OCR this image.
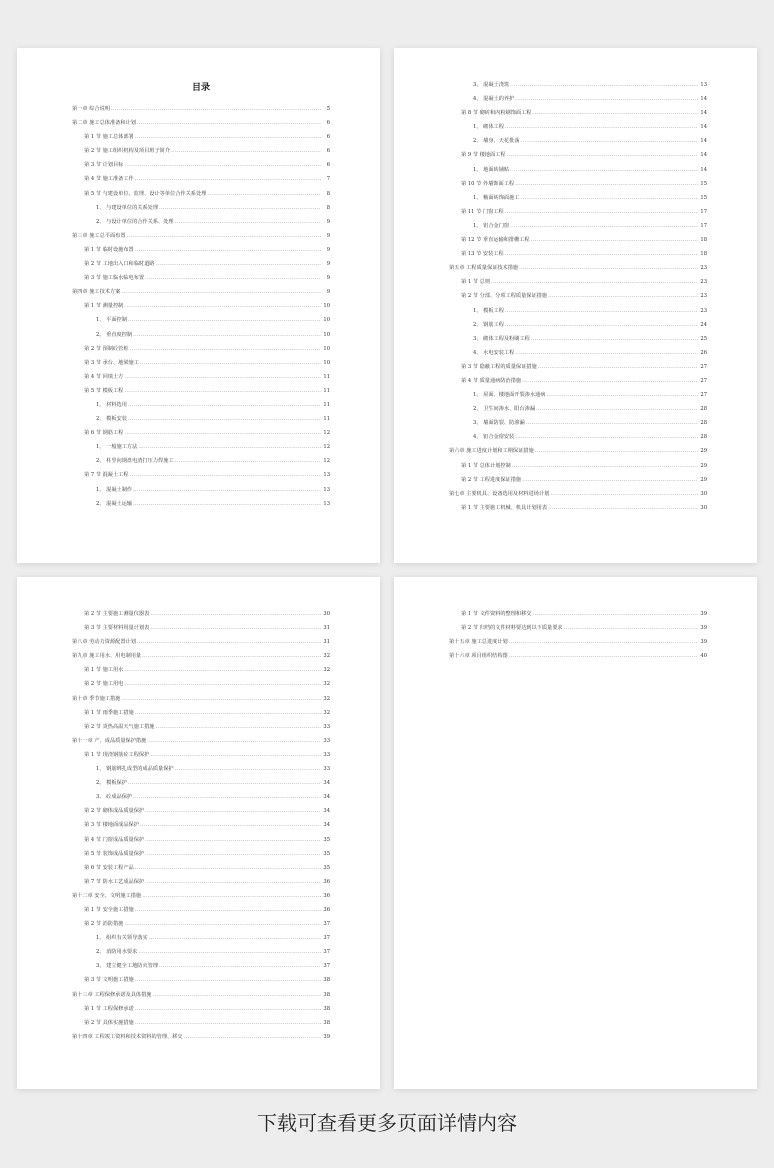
目录
第一章 综合说明 .....	5
第二章 施工总体准备和计划 .....	6
第 1 节 施工总体部署 .....	6
第 2 节 施工组织机构及项目班子简介 .....	6
第 3 节 计划目标 .....	6
第 4 节 施工准备工作 .....	7
第 5 节 与建设单位、监理、设计等单位合作关系处理 .....	8
1、 与建设单位的关系处理 .....	8
2、 与设计单位的合作关系、处理 .....	9
第三章 施工总平面布置 .....	9
第 1 节 临时设施布置 .....	9
第 2 节 工地出入口和临时道路 .....	9
第 3 节 施工临水临电布置 .....	9
第四章 施工技术方案 .....	9
第 1 节 测量控制 .....	10
1、 平面控制 .....	10
2、 垂直度控制 .....	10
第 2 节 预制砼管桩 .....	10
第 3 节 承台、地梁施工 .....	10
第 4 节 回填土方 .....	11
第 5 节 模板工程 .....	11
1、 材料选用 .....	11
2、 模板安装 .....	11
第 6 节 钢筋工程 .....	12
1、 一般施工方法 .....	12
2、 柱竖向钢盘电渣打压力焊施工 .....	12
第 7 节 混凝土工程 .....	13
1、 混凝土制作 .....	13
2、 混凝土运输 .....	13
3、 混凝土浇筑 .....	13
4、 混凝土的养护 .....	14
第 8 节 砌砖和内粉刷饰面工程 .....	14
1、 砌体工程 .....	14
2、 墙身、天花批荡 .....	14
第 9 节 楼地面工程 .....	14
1、 地面砖铺贴 .....	14
第 10 节 外墙饰面工程 .....	15
1、 釉面砖饰面施工 .....	15
第 11 节 门窗工程 .....	17
1、 铝合金门窗 .....	17
第 12 节 垂直运输和排栅工程 .....	18
第 13 节 安装工程 .....	18
第五章 工程质量保证技术措施 .....	23
第 1 节 总则 .....	23
第 2 节 分部、分项工程质量保证措施 .....	23
1、 模板工程 .....	23
2、 钢筋工程 .....	24
3、 砌体工程及粉刷工程 .....	25
4、 水电安装工程 .....	26
第 3 节 隐蔽工程的质量保证措施 .....	27
第 4 节 质量通病防治措施 .....	27
1、 屋面、楼地面开裂渗水通病 .....	27
2、 卫生间渗水、阳台渗漏 .....	28
3、 墙面防裂、防渗漏 .....	28
4、 铝合金窗安装 .....	28
第六章 施工进度计划和工期保证措施 .....	29
第 1 节 总体计划控制 .....	29
第 2 节 工程进度保证措施 .....	29
第七章 主要机具、设备选用及材料进场计划 .....	30
第 1 节 主要施工机械、机具计划用表 .....	30
第 2 节 主要施工测量仪器表 .....	30
第 3 节 主要材料用量计划表 .....	31
第八章 劳动力资源配置计划 .....	31
第九章 施工用水、用电制用量 .....	32
第 1 节 施工用水 .....	32
第 2 节 施工用电 .....	32
第十章 季节施工措施 .....	32
第 1 节 雨季施工措施 .....	32
第 2 节 炎热高温天气施工措施 .....	33
第十一章 产、成品质量保护措施 .....	33
第 1 节 现浇钢筋砼工程保护 .....	33
1、 钢筋绑扎成型的成品质量保护 .....	33
2、 模板保护 .....	34
3、 砼成品保护 .....	34
第 2 节 砌体成品质量保护 .....	34
第 3 节 楼地面成品保护 .....	34
第 4 节 门窗成品质量保护 .....	35
第 5 节 装饰成品质量保护 .....	35
第 6 节 安装工程产品 .....	35
第 7 节 防水工艺成品保护 .....	36
第十二章 安全、文明施工措施 .....	36
第 1 节 安全施工措施 .....	36
第 2 节 消防措施 .....	37
1、 组织有关领导落实 .....	37
2、 消防用水要求 .....	37
3、 建立健全工地防火管理 .....	37
第 3 节 文明施工措施 .....	38
第十三章 工程保修承诺及具体措施 .....	38
第 1 节 工程保修承诺 .....	38
第 2 节 具体实施措施 .....	38
第十四章 工程竣工资料和技术资料的管理、移交 .....	39
第 1 节 文件资料的整理和移交 .....	39
第 2 节 归档的文件材料要达到以下质量要求 .....	39
第十五章 施工总进度计划 .....	39
第十六章 项目组织结构图 .....	40
下载可查看更多页面详情内容
